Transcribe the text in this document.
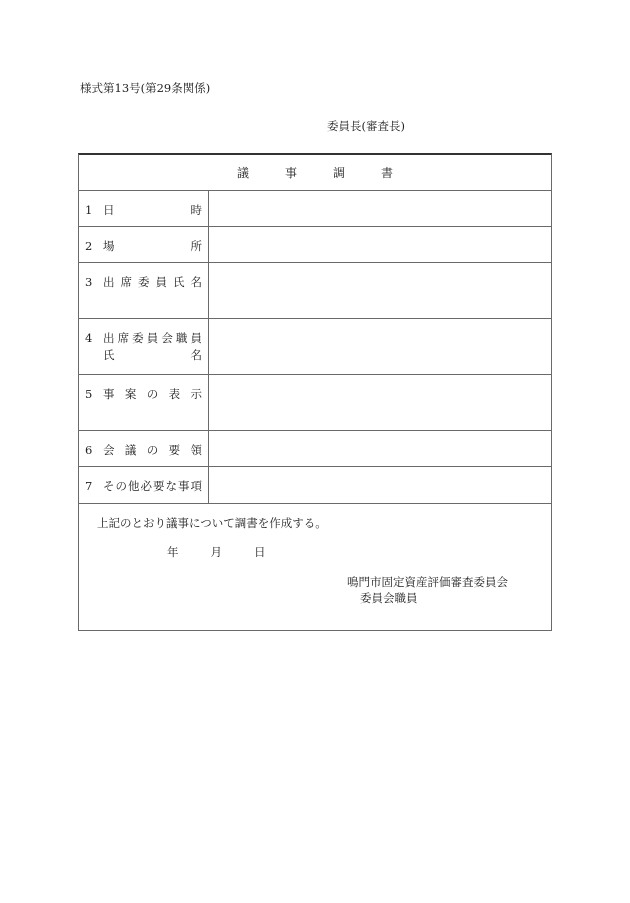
様式第13号(第29条関係)
委員長(審査長)
議	事	調	書
1 日	時
2 場	所
3 出 席 委 員 氏 名
4 出 席 委 員 会 職 員
氏	名
5 事 案 の 表 示
6 会 議 の 要 領
7 そ の 他 必 要 な 事 項
上記のとおり議事について調書を作成する。
年	月	日
鳴門市固定資産評価審査委員会
委員会職員
